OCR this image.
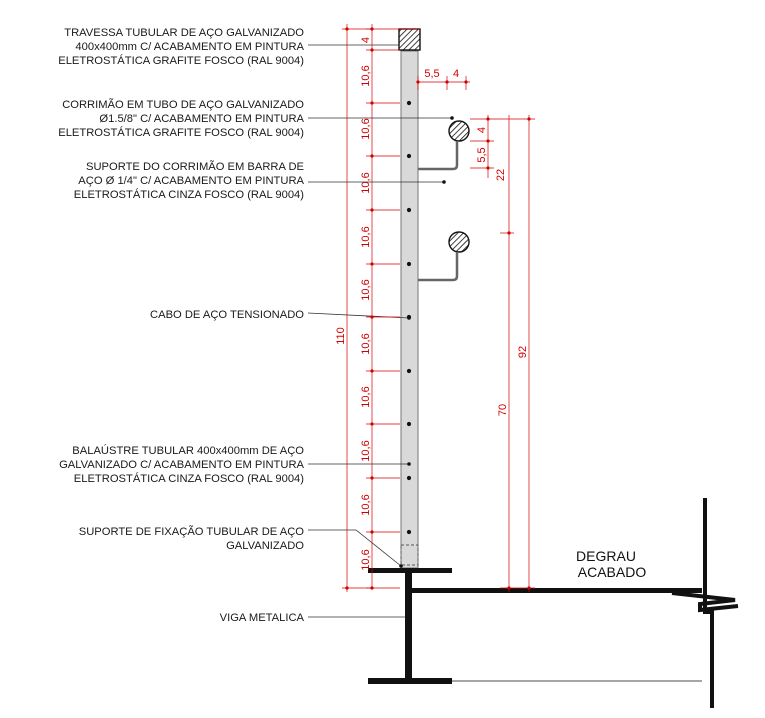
4
10,6
10,6
10,6
10,6
10,6
10,6
10,6
10,6
10,6
10,6
110
5,5 4
4
5,5
22
92
70
TRAVESSA TUBULAR DE AÇO GALVANIZADO
400x400mm C/ ACABAMENTO EM PINTURA
ELETROSTÁTICA GRAFITE FOSCO (RAL 9004)
CORRIMÃO EM TUBO DE AÇO GALVANIZADO
Ø1.5/8" C/ ACABAMENTO EM PINTURA
ELETROSTÁTICA GRAFITE FOSCO (RAL 9004)
SUPORTE DO CORRIMÃO EM BARRA DE
AÇO Ø 1/4" C/ ACABAMENTO EM PINTURA
ELETROSTÁTICA CINZA FOSCO (RAL 9004)
CABO DE AÇO TENSIONADO
BALAÚSTRE TUBULAR 400x400mm DE AÇO
GALVANIZADO C/ ACABAMENTO EM PINTURA
ELETROSTÁTICA CINZA FOSCO (RAL 9004)
SUPORTE DE FIXAÇÃO TUBULAR DE AÇO
GALVANIZADO
VIGA METALICA
DEGRAU
ACABADO
